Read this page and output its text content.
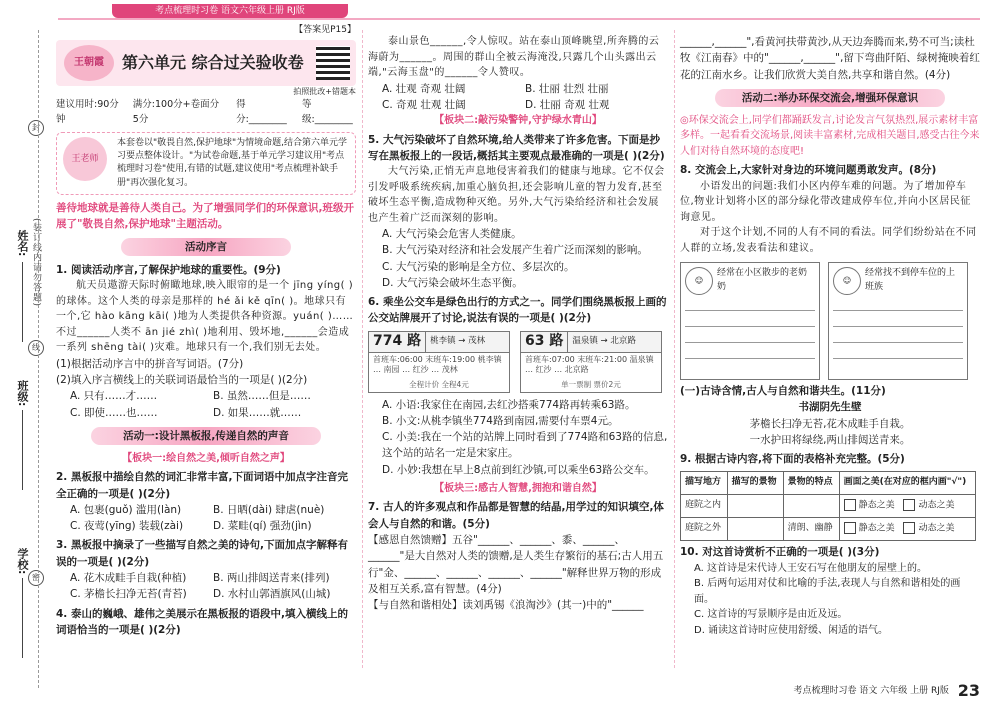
考点梳理时习卷 语文六年级上册 RJ版
姓名:
班级:
学校:
(装订线内请勿答题)
封
线
密
【答案见P15】
王朝霞	第六单元 综合过关验收卷
拍照批改+错题本
建议用时:90分钟
满分:100分+卷面分5分
得分:________
等级:________
王老师
本套卷以"敬畏自然,保护地球"为情境命题,结合第六单元学习要点整体设计。"为试卷命题,基于单元学习建议用"考点梳理时习卷"使用,有错的试题,建议使用"考点梳理补缺手册"再次强化复习。
善待地球就是善待人类自己。为了增强同学们的环保意识,班级开展了"敬畏自然,保护地球"主题活动。
活动序言
1. 阅读活动序言,了解保护地球的重要性。(9分)
航天员遨游天际时俯瞰地球,映入眼帘的是一个 jīng yíng( )的球体。这个人类的母亲是那样的 hé ǎi kě qīn( )。地球只有一个,它 hào kāng kāi( )地为人类提供各种资源。yuán( )……不过______人类不 ān jié zhì( )地利用、毁坏地,______会造成一系列 shēng tài( )灾难。地球只有一个,我们别无去处。
(1)根据活动序言中的拼音写词语。(7分)
(2)填入序言横线上的关联词语最恰当的一项是( )(2分)
A. 只有……才……	B. 虽然……但是……
C. 即使……也……	D. 如果……就……
活动一:设计黑板报,传递自然的声音
【板块一:绘自然之美,倾听自然之声】
2. 黑板报中描绘自然的词汇非常丰富,下面词语中加点字注音完全正确的一项是( )(2分)
A. 包裹(guǒ) 滥用(làn)	B. 日晒(dài) 肆虐(nuè)
C. 夜莺(yīng) 装载(zài)	D. 菜畦(qí) 强劲(jìn)
3. 黑板报中摘录了一些描写自然之美的诗句,下面加点字解释有误的一项是( )(2分)
A. 花木成畦手自栽(种植)	B. 两山排闼送青来(排列)
C. 茅檐长扫净无苔(青苔)	D. 水村山郭酒旗风(山城)
4. 泰山的巍峨、雄伟之美展示在黑板报的语段中,填入横线上的词语恰当的一项是( )(2分)
泰山景色______,令人惊叹。站在泰山顶峰眺望,所奔腾的云海蔚为______。周围的群山全被云海淹没,只露几个山头露出云端,"云海玉盘"的______令人赞叹。
A. 壮观 奇观 壮阔	B. 壮丽 壮烈 壮丽
C. 奇观 壮观 壮阔	D. 壮丽 奇观 壮观
【板块二:敲污染警钟,守护绿水青山】
5. 大气污染破坏了自然环境,给人类带来了许多危害。下面是抄写在黑板报上的一段话,概括其主要观点最准确的一项是( )(2分)
大气污染,正悄无声息地侵害着我们的健康与地球。它不仅会引发呼吸系统疾病,加重心脑负担,还会影响儿童的智力发育,甚至破坏生态平衡,造成物种灭绝。另外,大气污染给经济和社会发展也产生着广泛而深刻的影响。
A. 大气污染会危害人类健康。
B. 大气污染对经济和社会发展产生着广泛而深刻的影响。
C. 大气污染的影响是全方位、多层次的。
D. 大气污染会破坏生态平衡。
6. 乘坐公交车是绿色出行的方式之一。同学们围绕黑板报上画的公交站牌展开了讨论,说法有误的一项是( )(2分)
774 路	桃李镇 → 茂林
首班车:06:00 末班车:19:00 桃李镇 … 南园 … 红沙 … 茂林
全程计价 全程4元
63 路	温泉镇 → 北京路
首班车:07:00 末班车:21:00 温泉镇 … 红沙 … 北京路
单一票制 票价2元
A. 小语:我家住在南园,去红沙搭乘774路再转乘63路。
B. 小文:从桃李镇坐774路到南园,需要付车票4元。
C. 小美:我在一个站的站牌上同时看到了774路和63路的信息,这个站的站名一定是宋家庄。
D. 小妙:我想在早上8点前到红沙镇,可以乘坐63路公交车。
【板块三:感古人智慧,拥抱和谐自然】
7. 古人的许多观点和作品都是智慧的结晶,用学过的知识填空,体会人与自然的和谐。(5分)
【感恩自然馈赠】五谷"______、______、黍、______、______"是大自然对人类的馈赠,是人类生存繁衍的基石;古人用五行"金、______、______、______、______"解释世界万物的形成及相互关系,富有智慧。(4分)
【与自然和谐相处】读刘禹锡《浪淘沙》(其一)中的"______
______,______",看黄河扶带黄沙,从天边奔腾而来,势不可当;读杜牧《江南春》中的"______,______",留下弯曲阡陌、绿树掩映着红花的江南水乡。让我们欣赏大美自然,共享和谐自然。(4分)
活动二:举办环保交流会,增强环保意识
◎环保交流会上,同学们都踊跃发言,讨论发言气氛热烈,展示素材丰富多样。一起看看交流场景,阅读丰富素材,完成相关题目,感受古往今来人们对待自然环境的态度吧!
8. 交流会上,大家针对身边的环境问题勇敢发声。(8分)
小语发出的问题:我们小区内停车难的问题。为了增加停车位,物业计划将小区的部分绿化带改建成停车位,并向小区居民征询意见。
对于这个计划,不同的人有不同的看法。同学们纷纷站在不同人群的立场,发表看法和建议。
☺
经常在小区散步的老奶奶
☺
经常找不到停车位的上班族
(一)古诗含情,古人与自然和谐共生。(11分)
书湖阴先生壁
茅檐长扫净无苔,花木成畦手自栽。
一水护田将绿绕,两山排闼送青来。
9. 根据古诗内容,将下面的表格补充完整。(5分)
描写地方	描写的景物	景物的特点	画面之美(在对应的框内画"√")
庭院之内			静态之美 动态之美
庭院之外		清朗、幽静	静态之美 动态之美
10. 对这首诗赏析不正确的一项是( )(3分)
A. 这首诗是宋代诗人王安石写在他朋友的屋壁上的。
B. 后两句运用对仗和比喻的手法,表现人与自然和谐相处的画面。
C. 这首诗的写景顺序是由近及远。
D. 诵读这首诗时应使用舒缓、闲适的语气。
考点梳理时习卷 语文 六年级 上册 RJ版 23
